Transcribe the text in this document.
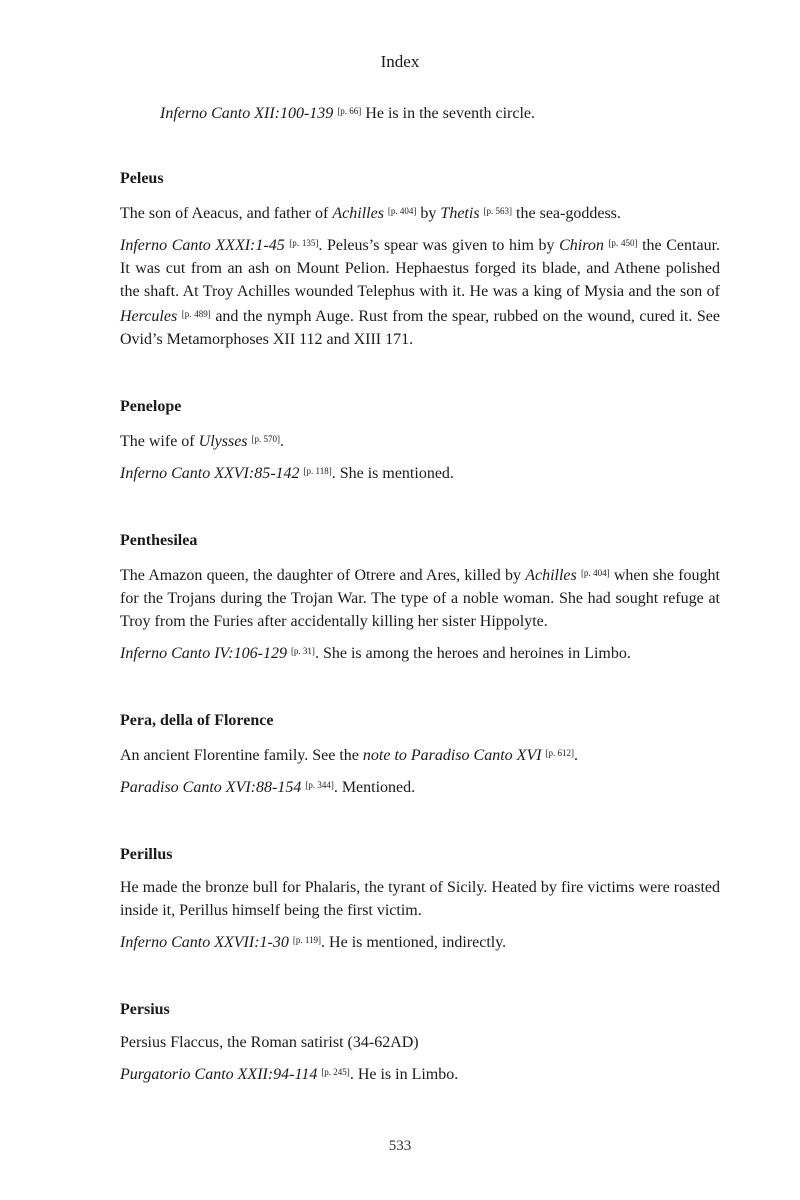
Index

Inferno Canto XII:100-139 [p. 66] He is in the seventh circle.

Peleus

The son of Aeacus, and father of Achilles [p. 404] by Thetis [p. 563] the sea-goddess.

Inferno Canto XXXI:1-45 [p. 135]. Peleus’s spear was given to him by Chiron [p. 450] the Centaur. It was cut from an ash on Mount Pelion. Hephaestus forged its blade, and Athene polished the shaft. At Troy Achilles wounded Telephus with it. He was a king of Mysia and the son of Hercules [p. 489] and the nymph Auge. Rust from the spear, rubbed on the wound, cured it. See Ovid’s Metamorphoses XII 112 and XIII 171.

Penelope

The wife of Ulysses [p. 570].

Inferno Canto XXVI:85-142 [p. 118]. She is mentioned.

Penthesilea

The Amazon queen, the daughter of Otrere and Ares, killed by Achilles [p. 404] when she fought for the Trojans during the Trojan War. The type of a noble woman. She had sought refuge at Troy from the Furies after accidentally killing her sister Hippolyte.

Inferno Canto IV:106-129 [p. 31]. She is among the heroes and heroines in Limbo.

Pera, della of Florence

An ancient Florentine family. See the note to Paradiso Canto XVI [p. 612].

Paradiso Canto XVI:88-154 [p. 344]. Mentioned.

Perillus

He made the bronze bull for Phalaris, the tyrant of Sicily. Heated by fire victims were roasted inside it, Perillus himself being the first victim.

Inferno Canto XXVII:1-30 [p. 119]. He is mentioned, indirectly.

Persius

Persius Flaccus, the Roman satirist (34-62AD)

Purgatorio Canto XXII:94-114 [p. 245]. He is in Limbo.

533
